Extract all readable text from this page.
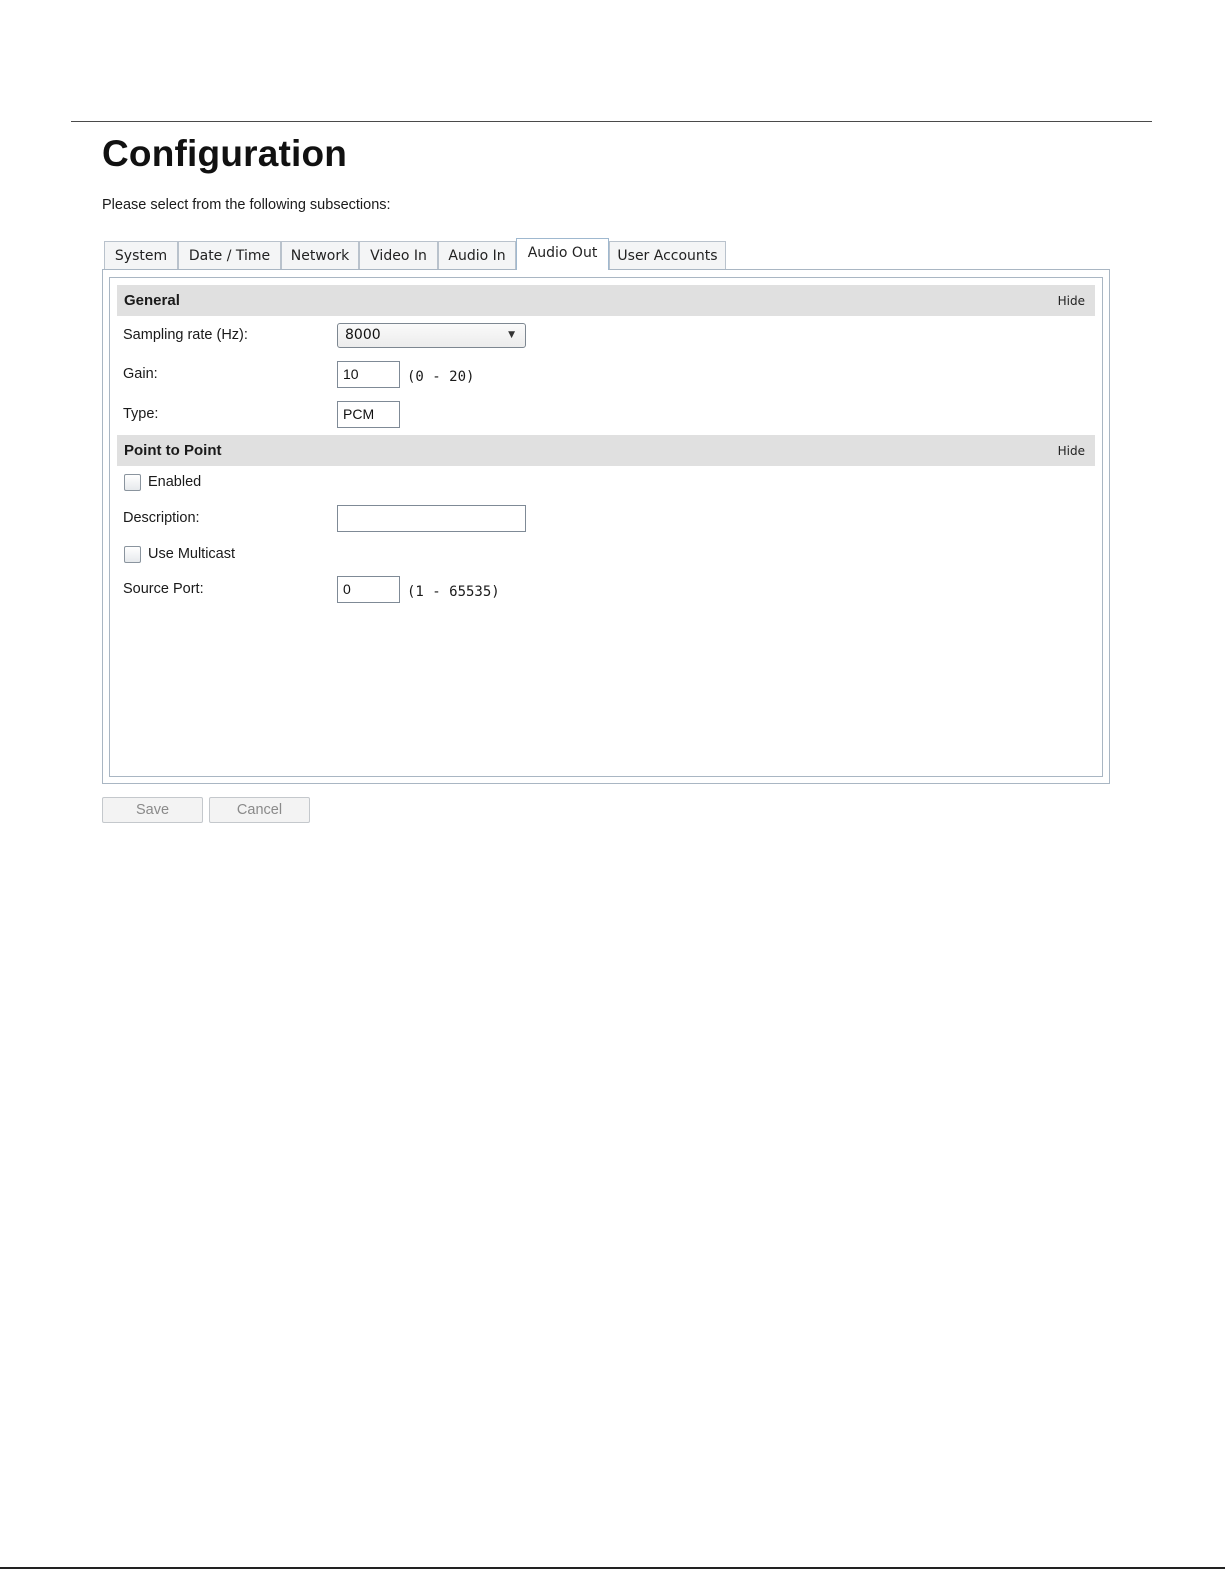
Configuration
Please select from the following subsections:
System	Date / Time	Network	Video In	Audio In	Audio Out	User Accounts
General	Hide
Sampling rate (Hz):	8000	▼
Gain:	10	(0 - 20)
Type:	PCM
Point to Point	Hide
Enabled
Description:
Use Multicast
Source Port:	0	(1 - 65535)
Save	Cancel
